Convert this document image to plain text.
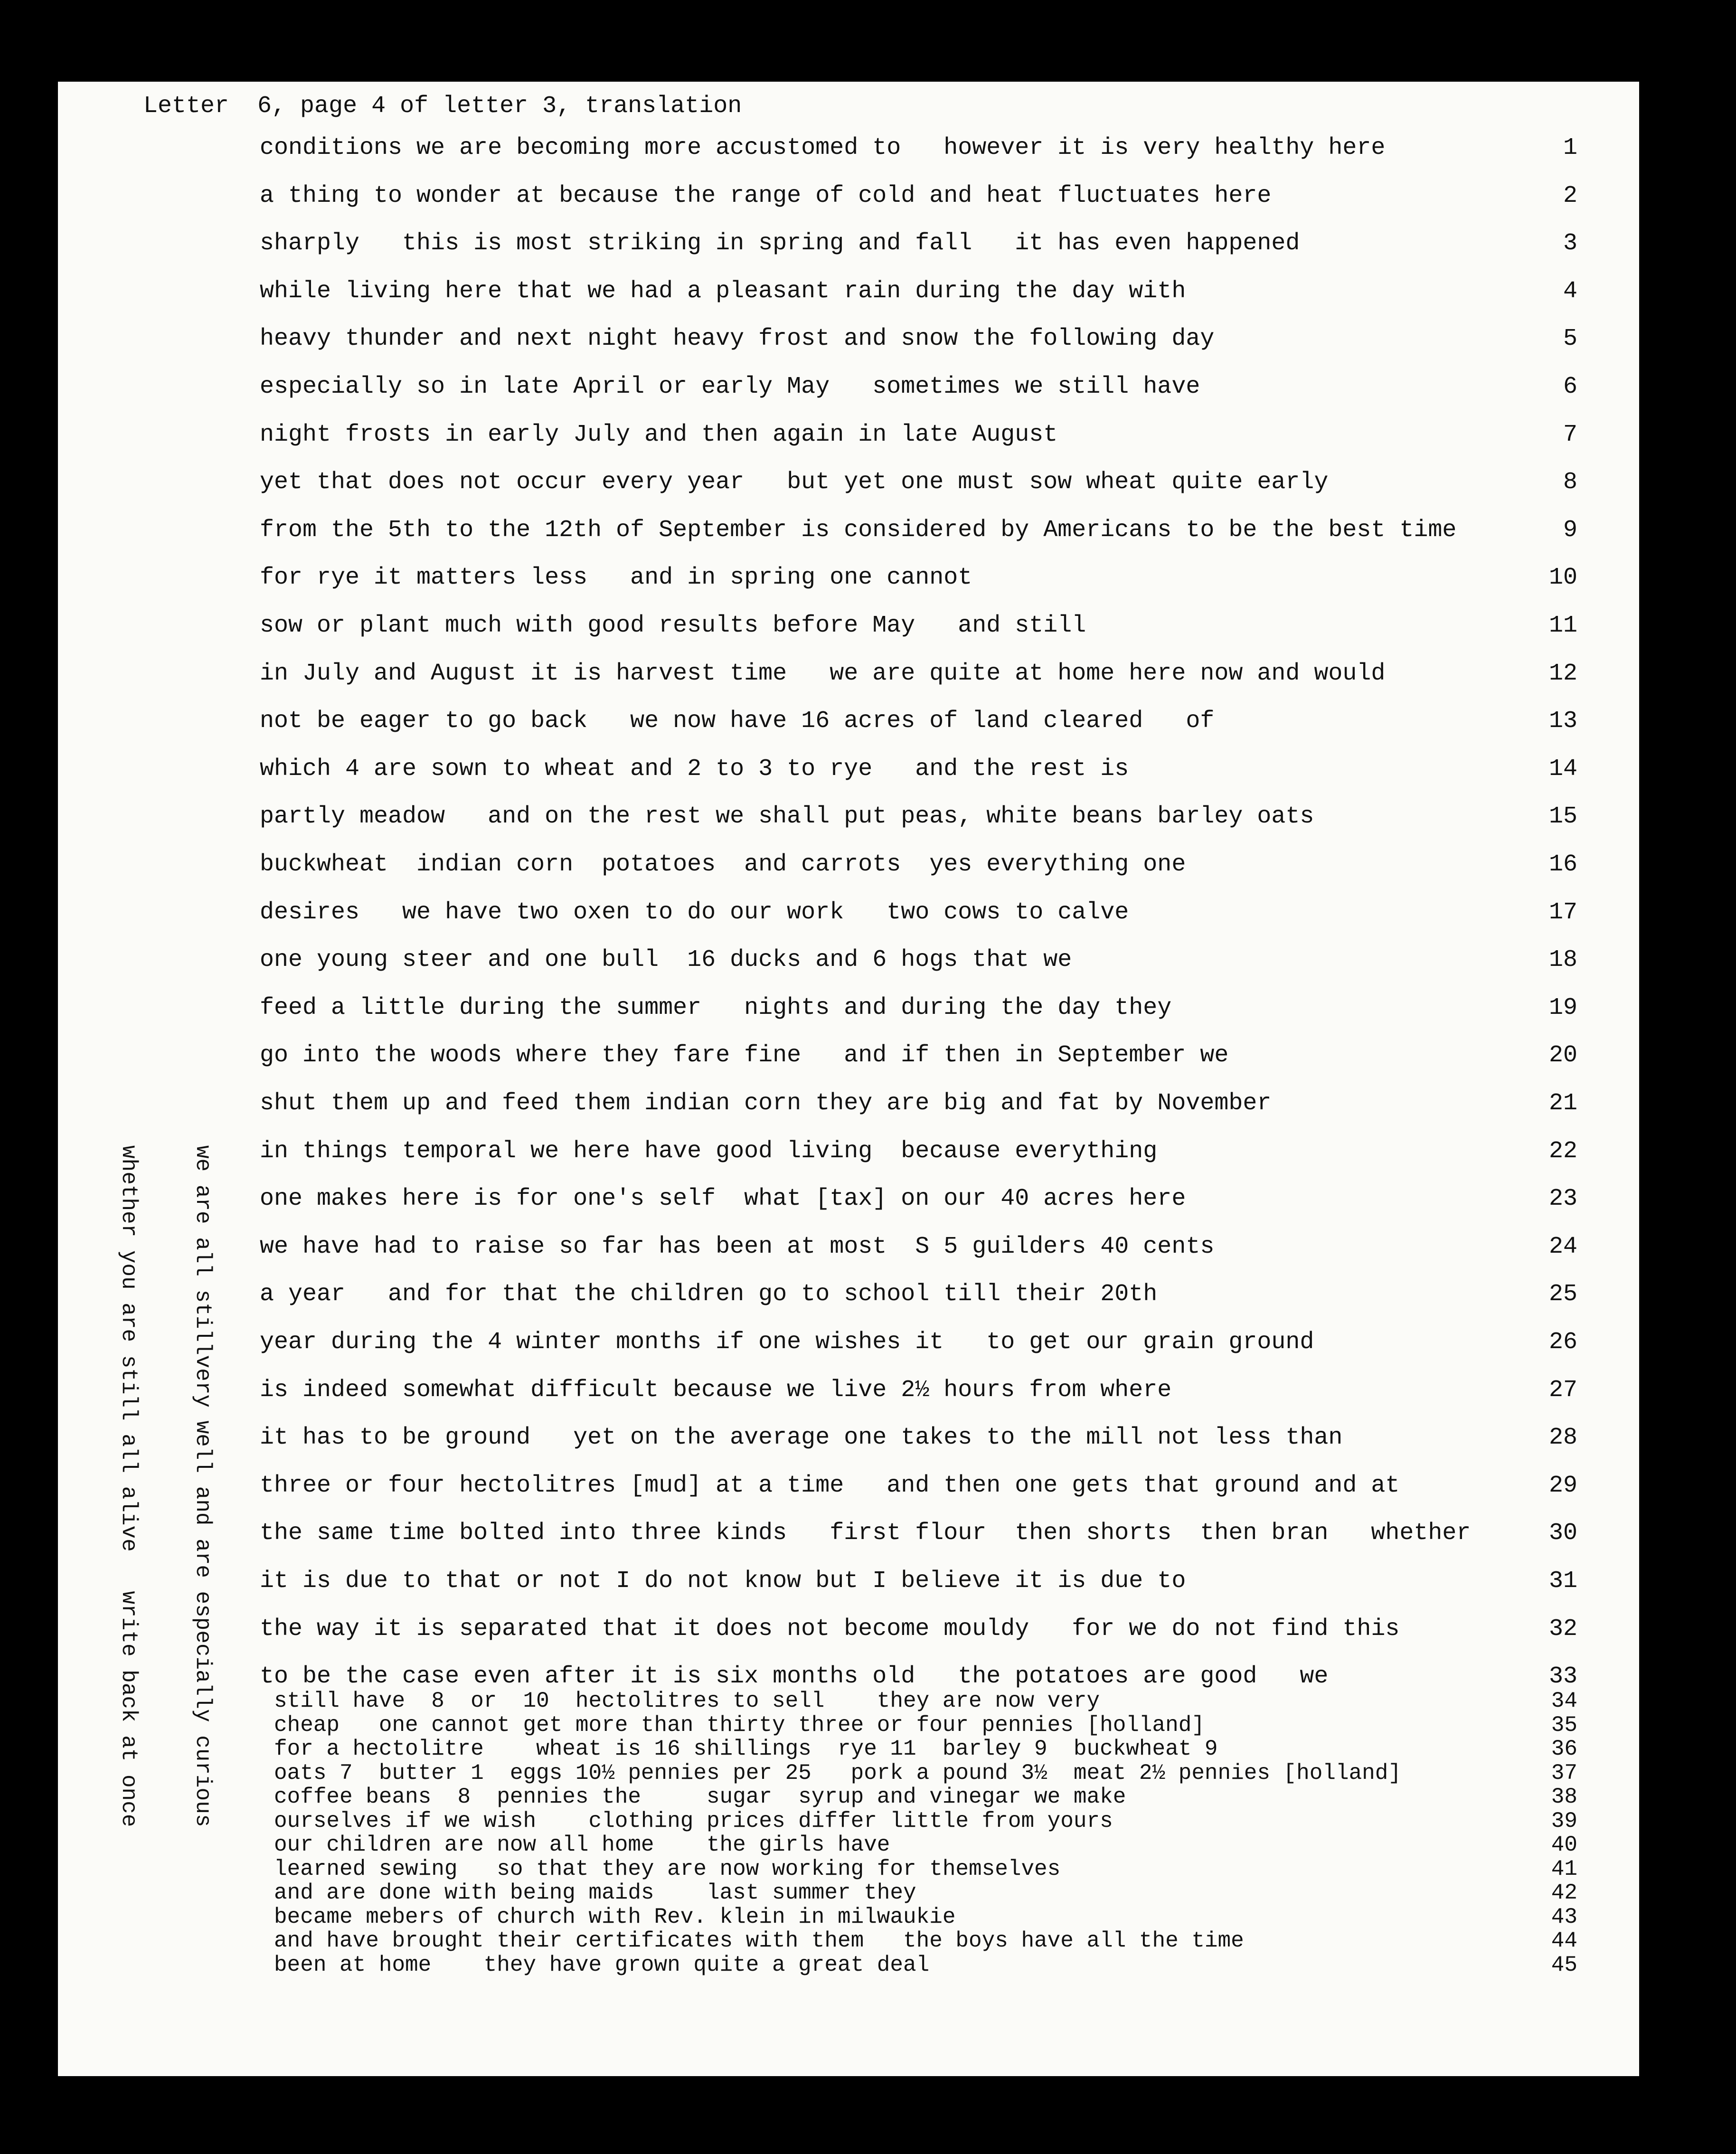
Letter  6, page 4 of letter 3, translation
conditions we are becoming more accustomed to   however it is very healthy here	1
a thing to wonder at because the range of cold and heat fluctuates here	2
sharply   this is most striking in spring and fall   it has even happened	3
while living here that we had a pleasant rain during the day with	4
heavy thunder and next night heavy frost and snow the following day	5
especially so in late April or early May   sometimes we still have	6
night frosts in early July and then again in late August	7
yet that does not occur every year   but yet one must sow wheat quite early	8
from the 5th to the 12th of September is considered by Americans to be the best time	9
for rye it matters less   and in spring one cannot	10
sow or plant much with good results before May   and still	11
in July and August it is harvest time   we are quite at home here now and would	12
not be eager to go back   we now have 16 acres of land cleared   of	13
which 4 are sown to wheat and 2 to 3 to rye   and the rest is	14
partly meadow   and on the rest we shall put peas, white beans barley oats	15
buckwheat  indian corn  potatoes  and carrots  yes everything one	16
desires   we have two oxen to do our work   two cows to calve	17
one young steer and one bull  16 ducks and 6 hogs that we	18
feed a little during the summer   nights and during the day they	19
go into the woods where they fare fine   and if then in September we	20
shut them up and feed them indian corn they are big and fat by November	21
in things temporal we here have good living  because everything	22
one makes here is for one's self  what [tax] on our 40 acres here	23
we have had to raise so far has been at most  S 5 guilders 40 cents	24
a year   and for that the children go to school till their 20th	25
year during the 4 winter months if one wishes it   to get our grain ground	26
is indeed somewhat difficult because we live 2½ hours from where	27
it has to be ground   yet on the average one takes to the mill not less than	28
three or four hectolitres [mud] at a time   and then one gets that ground and at	29
the same time bolted into three kinds   first flour  then shorts  then bran   whether	30
it is due to that or not I do not know but I believe it is due to	31
the way it is separated that it does not become mouldy   for we do not find this	32
to be the case even after it is six months old   the potatoes are good   we	33
still have  8  or  10  hectolitres to sell    they are now very	34
cheap   one cannot get more than thirty three or four pennies [holland]	35
for a hectolitre    wheat is 16 shillings  rye 11  barley 9  buckwheat 9	36
oats 7  butter 1  eggs 10½ pennies per 25   pork a pound 3½  meat 2½ pennies [holland]	37
coffee beans  8  pennies the     sugar  syrup and vinegar we make	38
ourselves if we wish    clothing prices differ little from yours	39
our children are now all home    the girls have	40
learned sewing   so that they are now working for themselves	41
and are done with being maids    last summer they	42
became mebers of church with Rev. klein in milwaukie	43
and have brought their certificates with them   the boys have all the time	44
been at home    they have grown quite a great deal	45

we are all stillvery well and are especially curious

whether you are still all alive   write back at once
